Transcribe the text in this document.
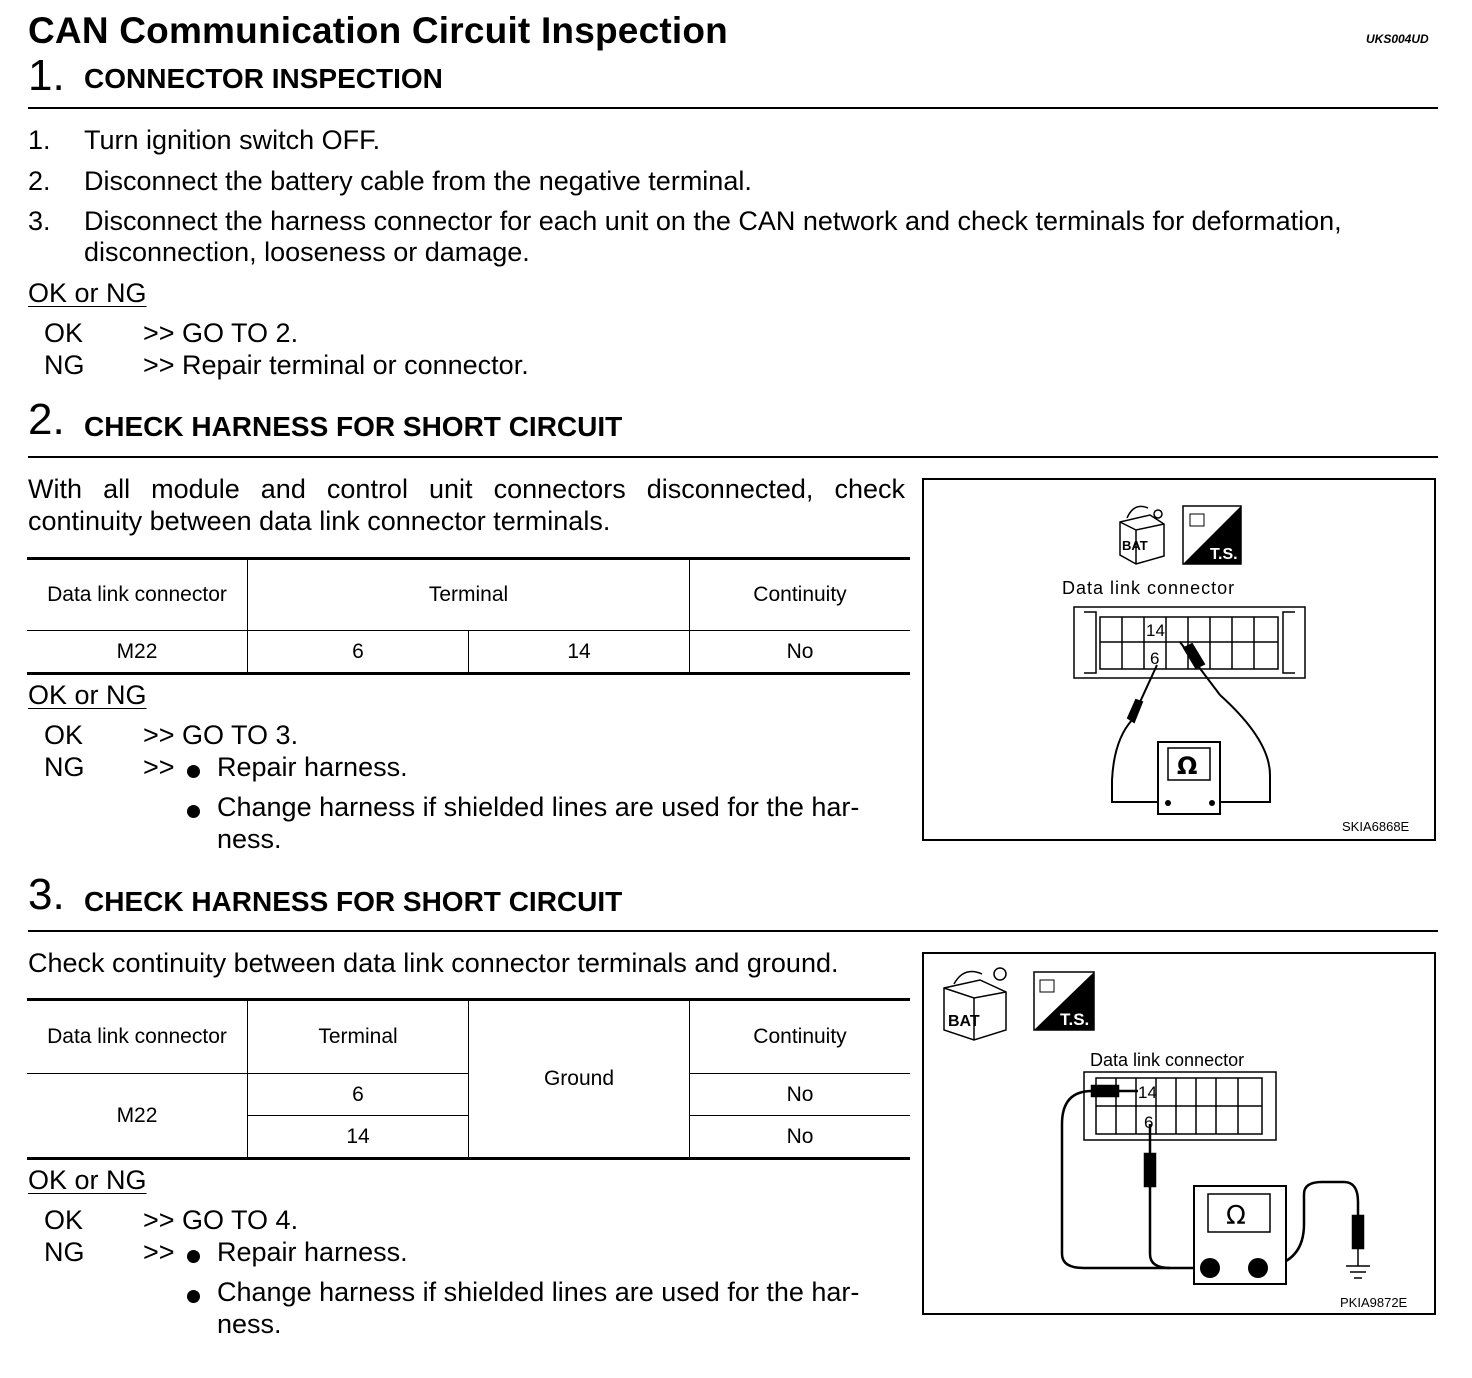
CAN Communication Circuit Inspection	UKS004UD
1. CONNECTOR INSPECTION
1. Turn ignition switch OFF.
2. Disconnect the battery cable from the negative terminal.
3. Disconnect the harness connector for each unit on the CAN network and check terminals for deformation,
disconnection, looseness or damage.
OK or NG
OK >> GO TO 2.
NG >> Repair terminal or connector.
2. CHECK HARNESS FOR SHORT CIRCUIT
With all module and control unit connectors disconnected, check continuity between data link connector terminals.
Data link connector	Terminal		Continuity
M22	6	14	No
OK or NG
OK >> GO TO 3.
NG >> Repair harness.
Change harness if shielded lines are used for the har-
ness.
BAT
T.S.
Data link connector
14
6
Ω
SKIA6868E
3. CHECK HARNESS FOR SHORT CIRCUIT
Check continuity between data link connector terminals and ground.
Data link connector	Terminal	Ground	Continuity
M22	6		No
	14		No
OK or NG
OK >> GO TO 4.
NG >> Repair harness.
Change harness if shielded lines are used for the har-
ness.
BAT	T.S.
Data link connector
14
6
Ω
PKIA9872E
